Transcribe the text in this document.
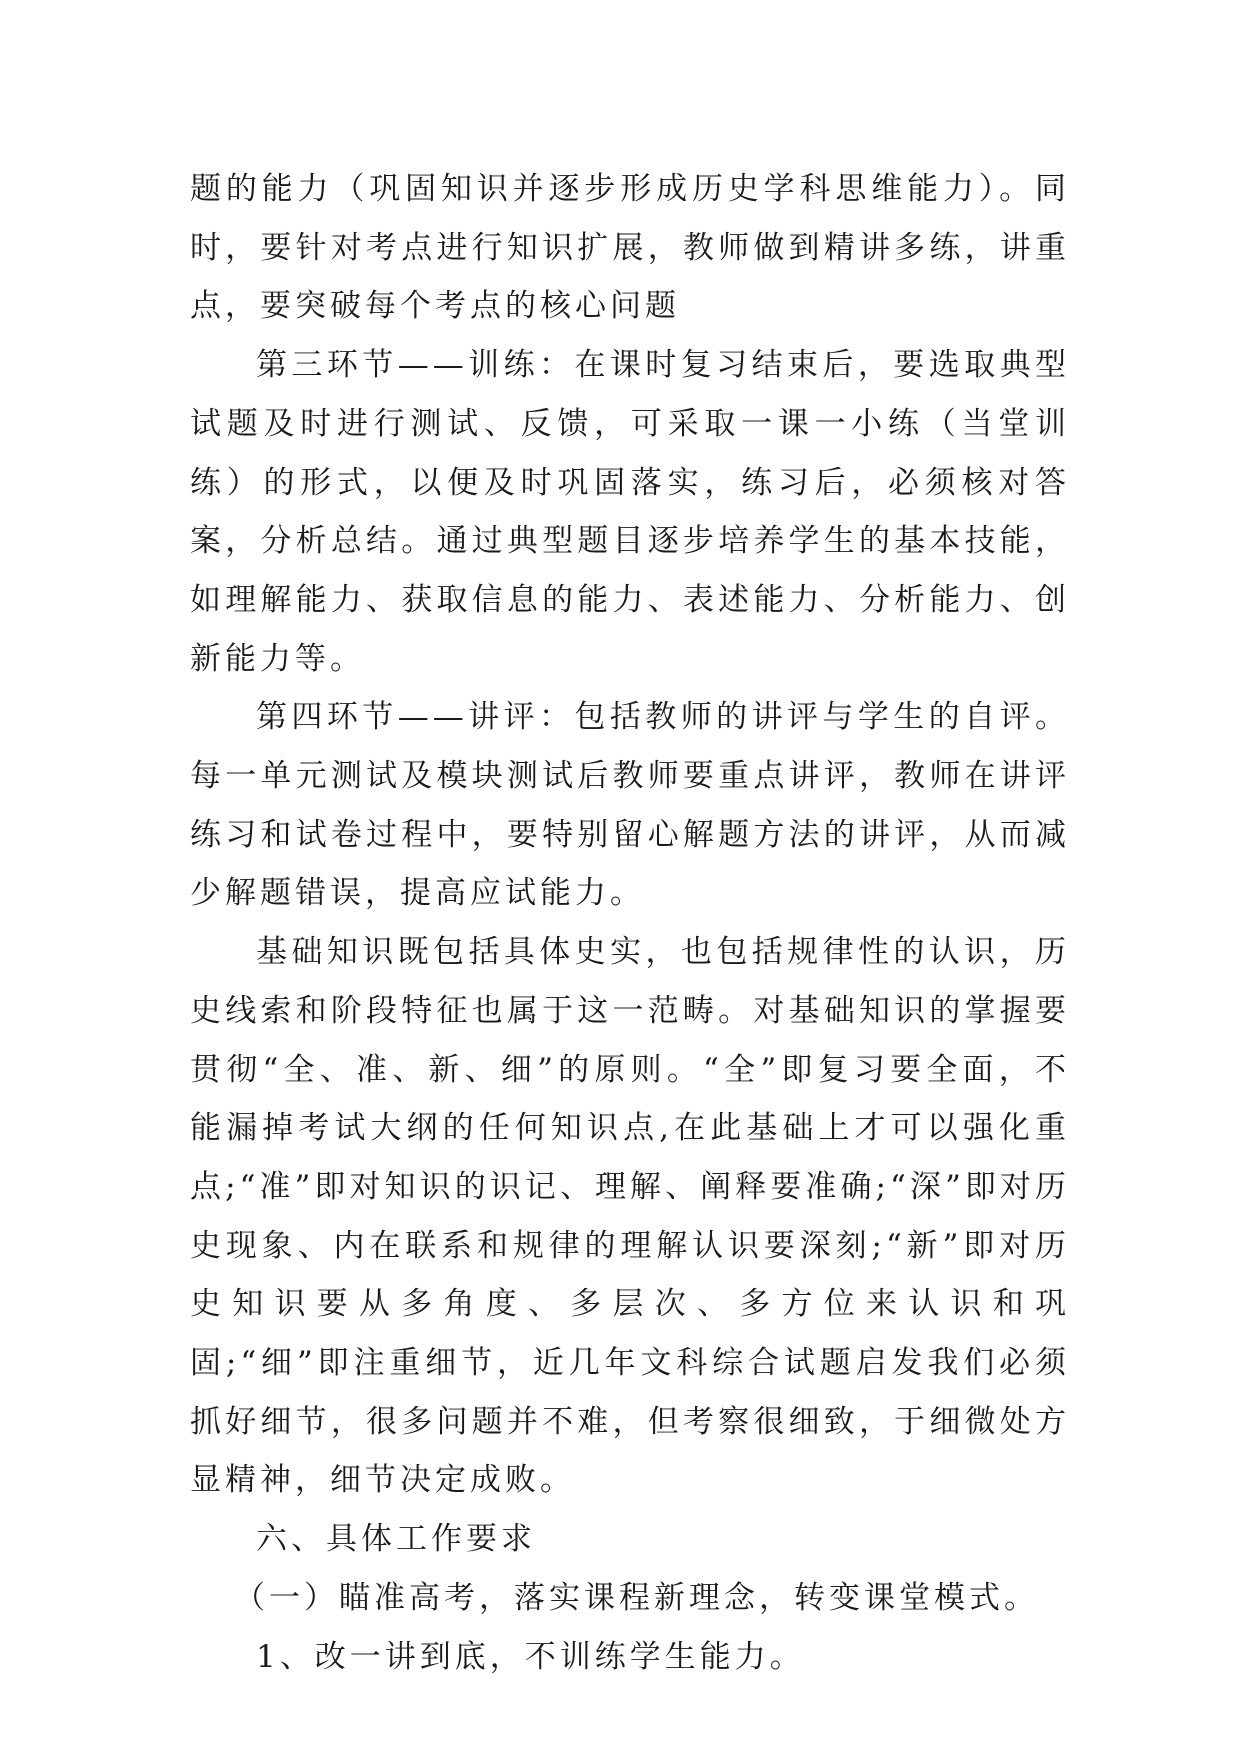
题的能力（巩固知识并逐步形成历史学科思维能力）。同时，要针对考点进行知识扩展，教师做到精讲多练，讲重点，要突破每个考点的核心问题

第三环节——训练：在课时复习结束后，要选取典型试题及时进行测试、反馈，可采取一课一小练（当堂训练）的形式，以便及时巩固落实，练习后，必须核对答案，分析总结。通过典型题目逐步培养学生的基本技能，如理解能力、获取信息的能力、表述能力、分析能力、创新能力等。

第四环节——讲评：包括教师的讲评与学生的自评。每一单元测试及模块测试后教师要重点讲评，教师在讲评练习和试卷过程中，要特别留心解题方法的讲评，从而减少解题错误，提高应试能力。

基础知识既包括具体史实，也包括规律性的认识，历史线索和阶段特征也属于这一范畴。对基础知识的掌握要贯彻“全、准、新、细”的原则。“全”即复习要全面，不能漏掉考试大纲的任何知识点,在此基础上才可以强化重点;“准”即对知识的识记、理解、阐释要准确;“深”即对历史现象、内在联系和规律的理解认识要深刻;“新”即对历史知识要从多角度、多层次、多方位来认识和巩固;“细”即注重细节，近几年文科综合试题启发我们必须抓好细节，很多问题并不难，但考察很细致，于细微处方显精神，细节决定成败。

六、具体工作要求

（一）瞄准高考，落实课程新理念，转变课堂模式。

1、改一讲到底，不训练学生能力。
